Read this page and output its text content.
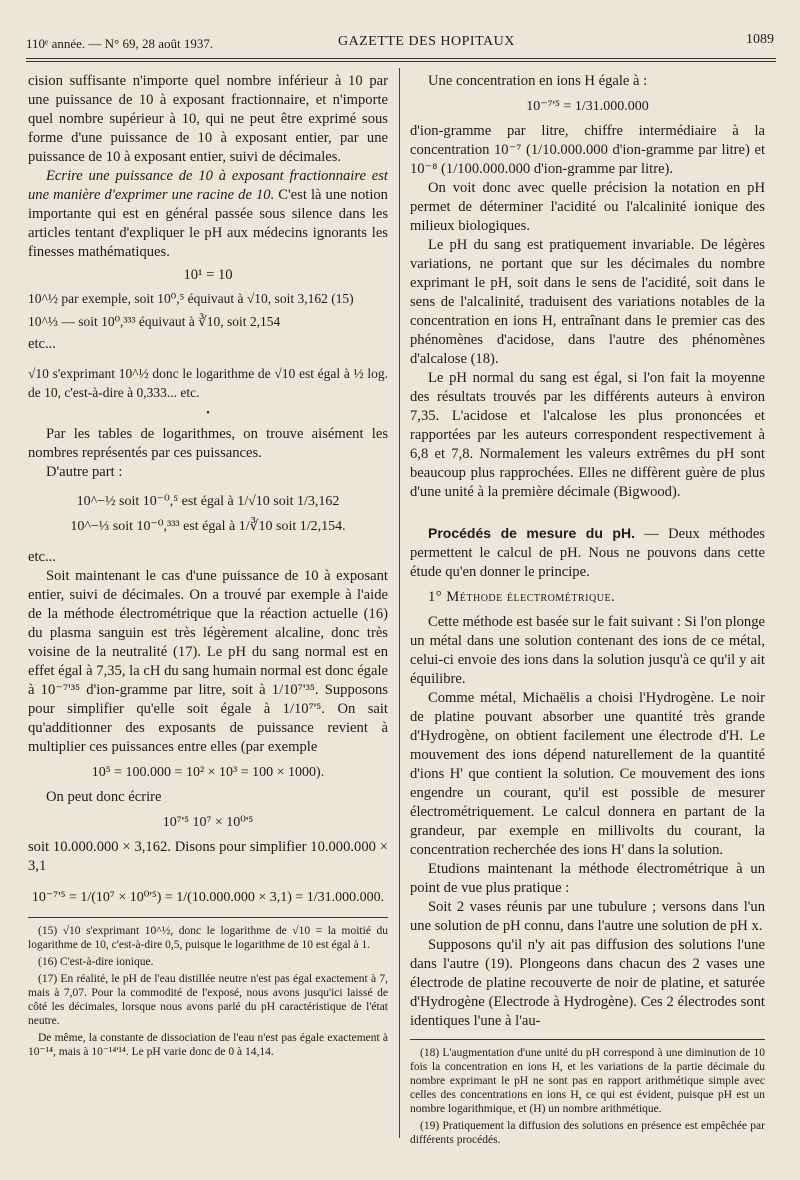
110ᵉ année. — N° 69, 28 août 1937.	GAZETTE DES HOPITAUX	1089

cision suffisante n'importe quel nombre inférieur à 10 par une puissance de 10 à exposant fractionnaire, et n'importe quel nombre supérieur à 10, qui ne peut être exprimé sous forme d'une puissance de 10 à exposant entier, par une puissance de 10 à exposant entier, suivi de décimales.

Ecrire une puissance de 10 à exposant fractionnaire est une manière d'exprimer une racine de 10. C'est là une notion importante qui est en général passée sous silence dans les articles tentant d'expliquer le pH aux médecins ignorants les finesses mathématiques.

10¹ = 10
10^½ par exemple, soit 10⁰,⁵ équivaut à √10, soit 3,162 (15)
10^⅓ — soit 10⁰,³³³ équivaut à ∛10, soit 2,154
etc...
√10 s'exprimant 10^½ donc le logarithme de √10 est égal à ½ log. de 10, c'est-à-dire à 0,333... etc.
•

Par les tables de logarithmes, on trouve aisément les nombres représentés par ces puissances.

D'autre part :

10^−½ soit 10⁻⁰,⁵ est égal à 1/√10 soit 1/3,162
10^−⅓ soit 10⁻⁰,³³³ est égal à 1/∛10 soit 1/2,154.
etc...

Soit maintenant le cas d'une puissance de 10 à exposant entier, suivi de décimales. On a trouvé par exemple à l'aide de la méthode électrométrique que la réaction actuelle (16) du plasma sanguin est très légèrement alcaline, donc très voisine de la neutralité (17). Le pH du sang normal est en effet égal à 7,35, la cH du sang humain normal est donc égale à 10⁻⁷'³⁵ d'ion-gramme par litre, soit à 1/10⁷'³⁵. Supposons pour simplifier qu'elle soit égale à 1/10⁷'⁵. On sait qu'additionner des exposants de puissance revient à multiplier ces puissances entre elles (par exemple

10⁵ = 100.000 = 10² × 10³ = 100 × 1000).

On peut donc écrire

10⁷'⁵ 10⁷ × 10⁰'⁵

soit 10.000.000 × 3,162. Disons pour simplifier 10.000.000 × 3,1

10⁻⁷'⁵ = 1/(10⁷ × 10⁰'⁵) = 1/(10.000.000 × 3,1) = 1/31.000.000.
(15) √10 s'exprimant 10^½, donc le logarithme de √10 = la moitié du logarithme de 10, c'est-à-dire 0,5, puisque le logarithme de 10 est égal à 1.
(16) C'est-à-dire ionique.
(17) En réalité, le pH de l'eau distillée neutre n'est pas égal exactement à 7, mais à 7,07. Pour la commodité de l'exposé, nous avons jusqu'ici laissé de côté les décimales, lorsque nous avons parlé du pH caractéristique de l'état neutre.
De même, la constante de dissociation de l'eau n'est pas égale exactement à 10⁻¹⁴, mais à 10⁻¹⁴'¹⁴. Le pH varie donc de 0 à 14,14.

Une concentration en ions H égale à :

10⁻⁷'⁵ = 1/31.000.000

d'ion-gramme par litre, chiffre intermédiaire à la concentration 10⁻⁷ (1/10.000.000 d'ion-gramme par litre) et 10⁻⁸ (1/100.000.000 d'ion-gramme par litre).

On voit donc avec quelle précision la notation en pH permet de déterminer l'acidité ou l'alcalinité ionique des milieux biologiques.

Le pH du sang est pratiquement invariable. De légères variations, ne portant que sur les décimales du nombre exprimant le pH, soit dans le sens de l'acidité, soit dans le sens de l'alcalinité, traduisent des variations notables de la concentration en ions H, entraînant dans le premier cas des phénomènes d'acidose, dans l'autre des phénomènes d'alcalose (18).

Le pH normal du sang est égal, si l'on fait la moyenne des résultats trouvés par les différents auteurs à environ 7,35. L'acidose et l'alcalose les plus prononcées et rapportées par les auteurs correspondent respectivement à 6,8 et 7,8. Normalement les valeurs extrêmes du pH sont beaucoup plus rapprochées. Elles ne diffèrent guère de plus d'une unité à la première décimale (Bigwood).

Procédés de mesure du pH. — Deux méthodes permettent le calcul de pH. Nous ne pouvons dans cette étude qu'en donner le principe.

1° Méthode électrométrique.

Cette méthode est basée sur le fait suivant : Si l'on plonge un métal dans une solution contenant des ions de ce métal, celui-ci envoie des ions dans la solution jusqu'à ce qu'il y ait équilibre.

Comme métal, Michaëlis a choisi l'Hydrogène. Le noir de platine pouvant absorber une quantité très grande d'Hydrogène, on obtient facilement une électrode d'H. Le mouvement des ions dépend naturellement de la quantité d'ions H' que contient la solution. Ce mouvement des ions engendre un courant, qu'il est possible de mesurer électrométriquement. Le calcul donnera en partant de la grandeur, par exemple en millivolts du courant, la concentration recherchée des ions H' dans la solution.

Etudions maintenant la méthode électrométrique à un point de vue plus pratique :

Soit 2 vases réunis par une tubulure ; versons dans l'un une solution de pH connu, dans l'autre une solution de pH x.

Supposons qu'il n'y ait pas diffusion des solutions l'une dans l'autre (19). Plongeons dans chacun des 2 vases une électrode de platine recouverte de noir de platine, et saturée d'Hydrogène (Electrode à Hydrogène). Ces 2 électrodes sont identiques l'une à l'au-

(18) L'augmentation d'une unité du pH correspond à une diminution de 10 fois la concentration en ions H, et les variations de la partie décimale du nombre exprimant le pH ne sont pas en rapport arithmétique simple avec celles des concentrations en ions H, ce qui est évident, puisque pH est un nombre logarithmique, et (H) un nombre arithmétique.
(19) Pratiquement la diffusion des solutions en présence est empêchée par différents procédés.
